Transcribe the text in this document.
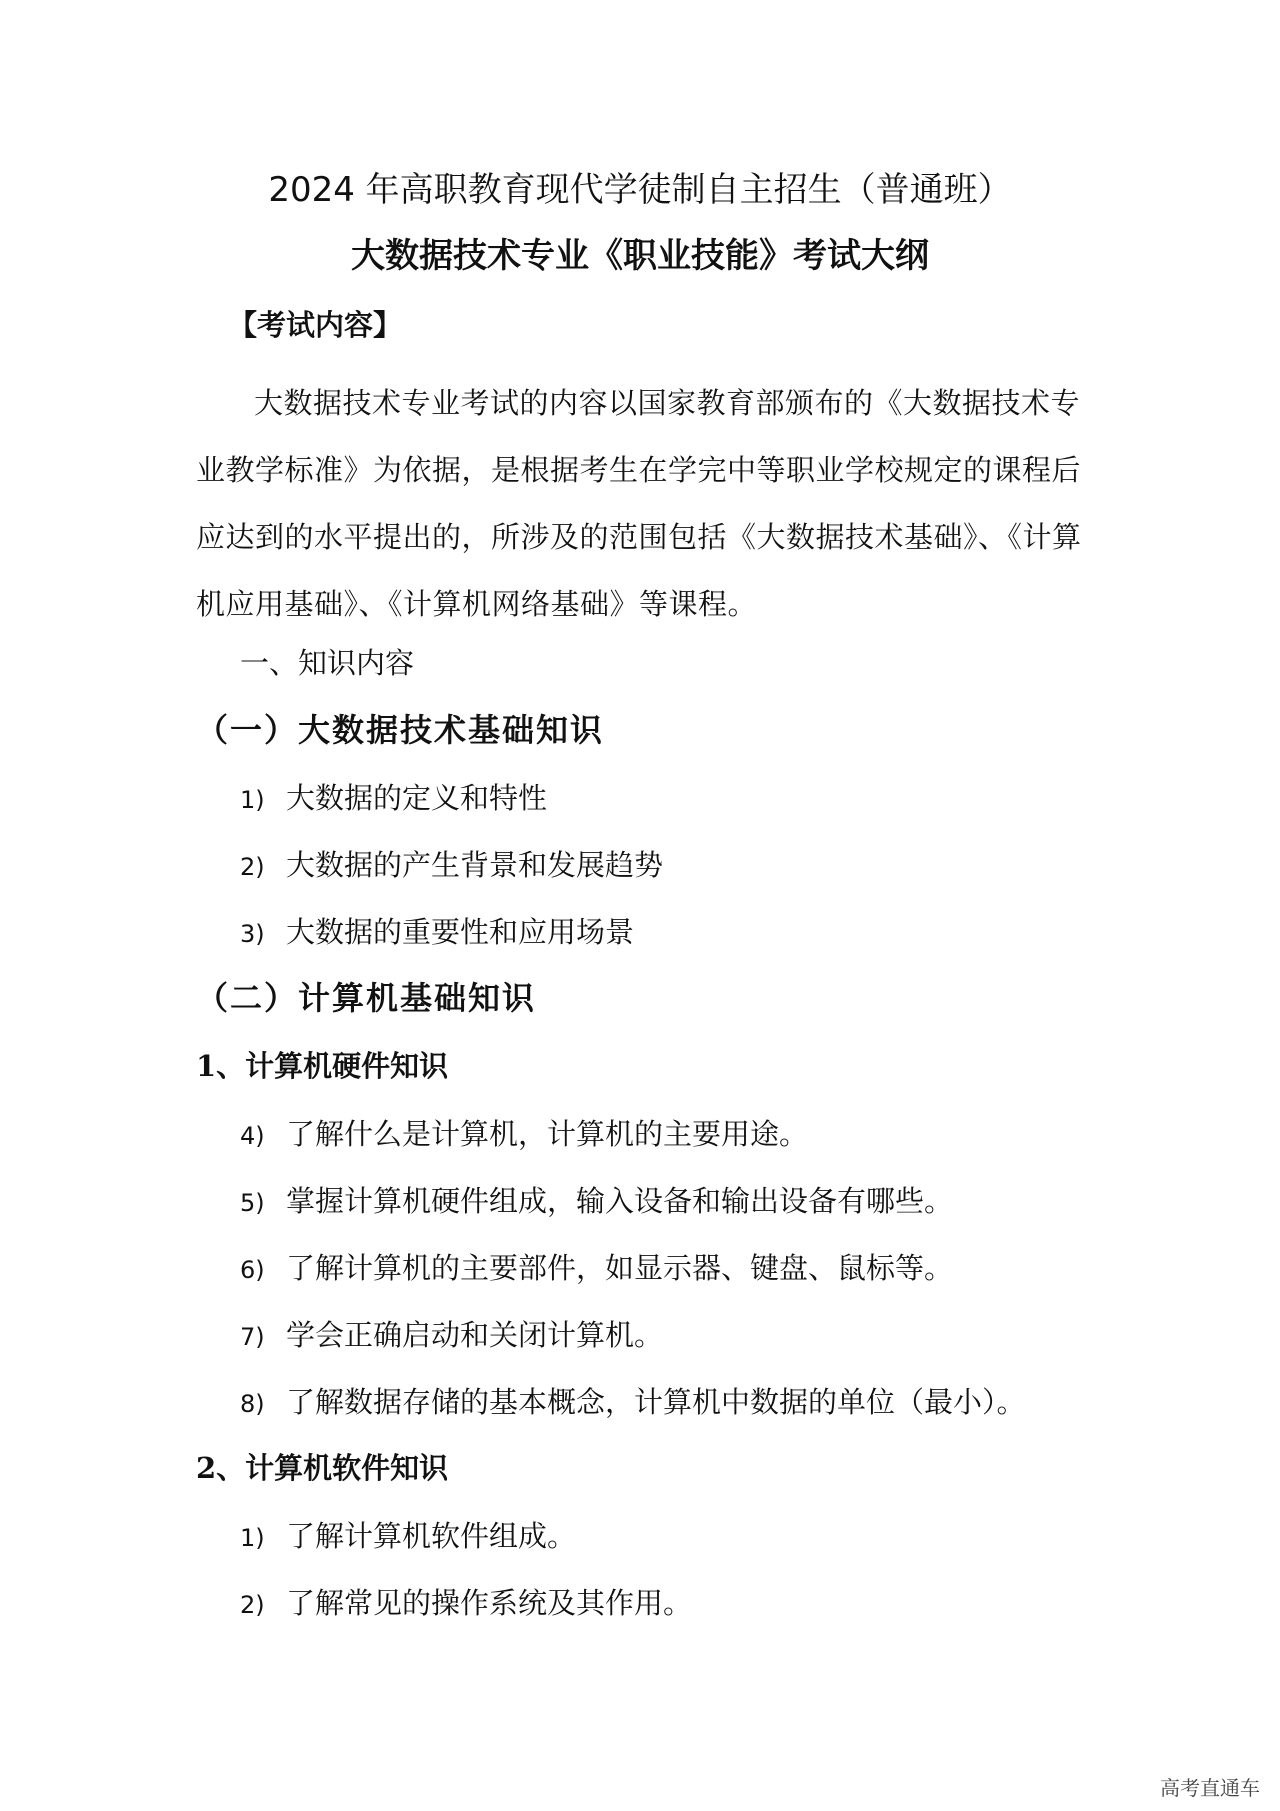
2024 年高职教育现代学徒制自主招生（普通班）
大数据技术专业《职业技能》考试大纲
【考试内容】

大数据技术专业考试的内容以国家教育部颁布的《大数据技术专业教学标准》为依据，是根据考生在学完中等职业学校规定的课程后应达到的水平提出的，所涉及的范围包括《大数据技术基础》、《计算机应用基础》、《计算机网络基础》等课程。

一、知识内容
（一）大数据技术基础知识
1) 大数据的定义和特性
2) 大数据的产生背景和发展趋势
3) 大数据的重要性和应用场景
（二）计算机基础知识
1、计算机硬件知识
4) 了解什么是计算机，计算机的主要用途。
5) 掌握计算机硬件组成，输入设备和输出设备有哪些。
6) 了解计算机的主要部件，如显示器、键盘、鼠标等。
7) 学会正确启动和关闭计算机。
8) 了解数据存储的基本概念，计算机中数据的单位（最小）。
2、计算机软件知识
1) 了解计算机软件组成。
2) 了解常见的操作系统及其作用。
高考直通车
